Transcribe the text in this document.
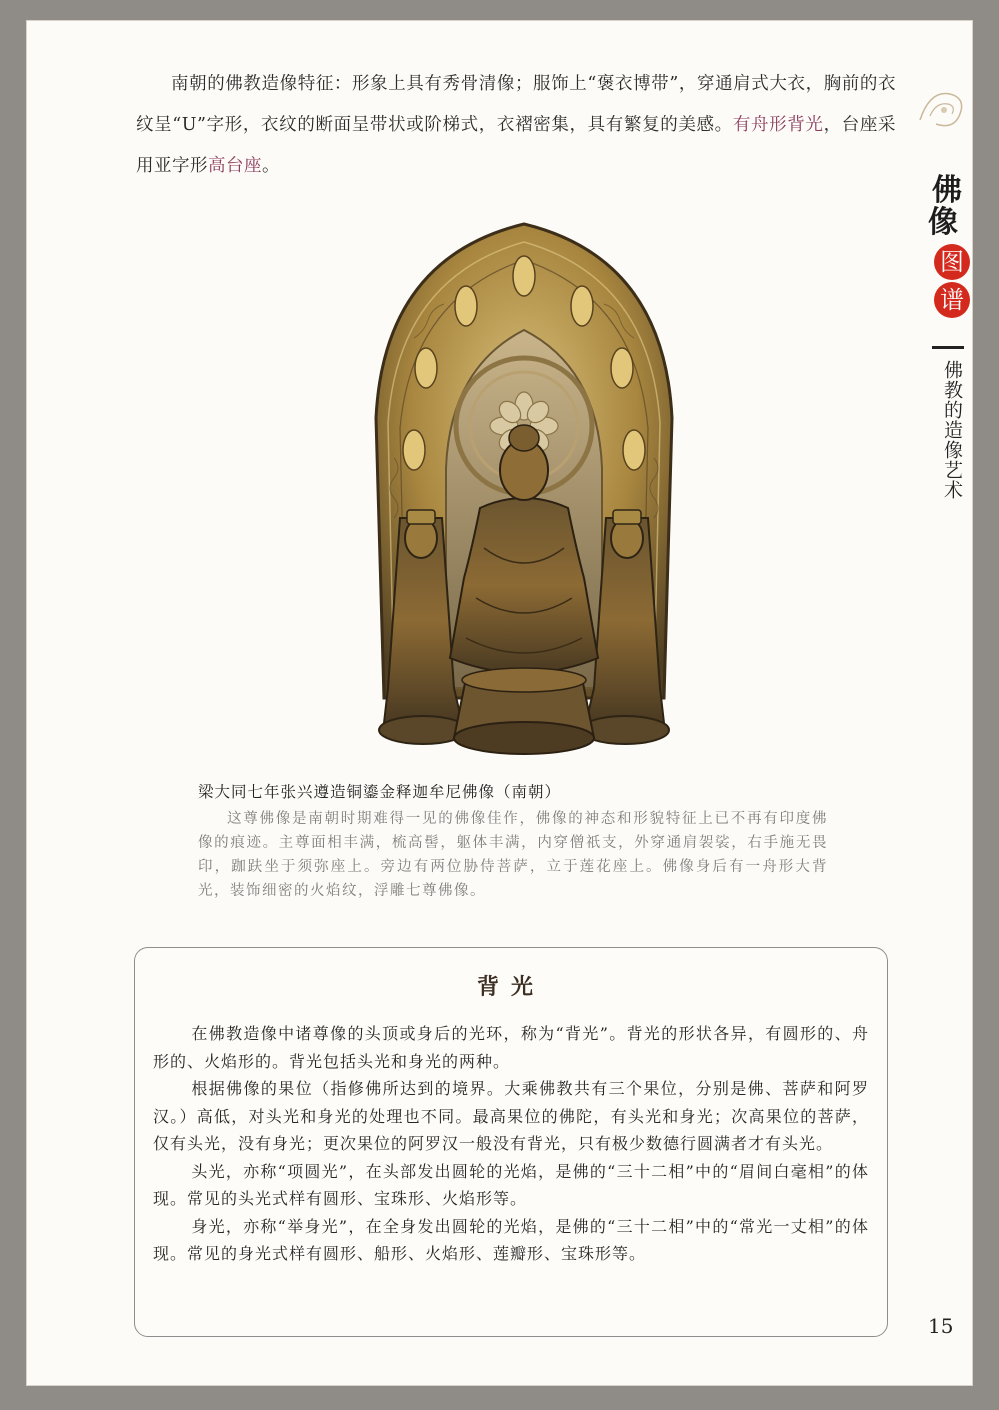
南朝的佛教造像特征：形象上具有秀骨清像；服饰上“褒衣博带”，穿通肩式大衣，胸前的衣纹呈“U”字形，衣纹的断面呈带状或阶梯式，衣褶密集，具有繁复的美感。有舟形背光，台座采用亚字形高台座。

梁大同七年张兴遵造铜鎏金释迦牟尼佛像（南朝）

这尊佛像是南朝时期难得一见的佛像佳作，佛像的神态和形貌特征上已不再有印度佛像的痕迹。主尊面相丰满，梳高髻，躯体丰满，内穿僧祇支，外穿通肩袈裟，右手施无畏印，跏趺坐于须弥座上。旁边有两位胁侍菩萨，立于莲花座上。佛像身后有一舟形大背光，装饰细密的火焰纹，浮雕七尊佛像。

背光

在佛教造像中诸尊像的头顶或身后的光环，称为“背光”。背光的形状各异，有圆形的、舟形的、火焰形的。背光包括头光和身光的两种。

根据佛像的果位（指修佛所达到的境界。大乘佛教共有三个果位，分别是佛、菩萨和阿罗汉。）高低，对头光和身光的处理也不同。最高果位的佛陀，有头光和身光；次高果位的菩萨，仅有头光，没有身光；更次果位的阿罗汉一般没有背光，只有极少数德行圆满者才有头光。

头光，亦称“项圆光”，在头部发出圆轮的光焰，是佛的“三十二相”中的“眉间白毫相”的体现。常见的头光式样有圆形、宝珠形、火焰形等。

身光，亦称“举身光”，在全身发出圆轮的光焰，是佛的“三十二相”中的“常光一丈相”的体现。常见的身光式样有圆形、船形、火焰形、莲瓣形、宝珠形等。

15
佛
像
图
谱
佛教的造像艺术
